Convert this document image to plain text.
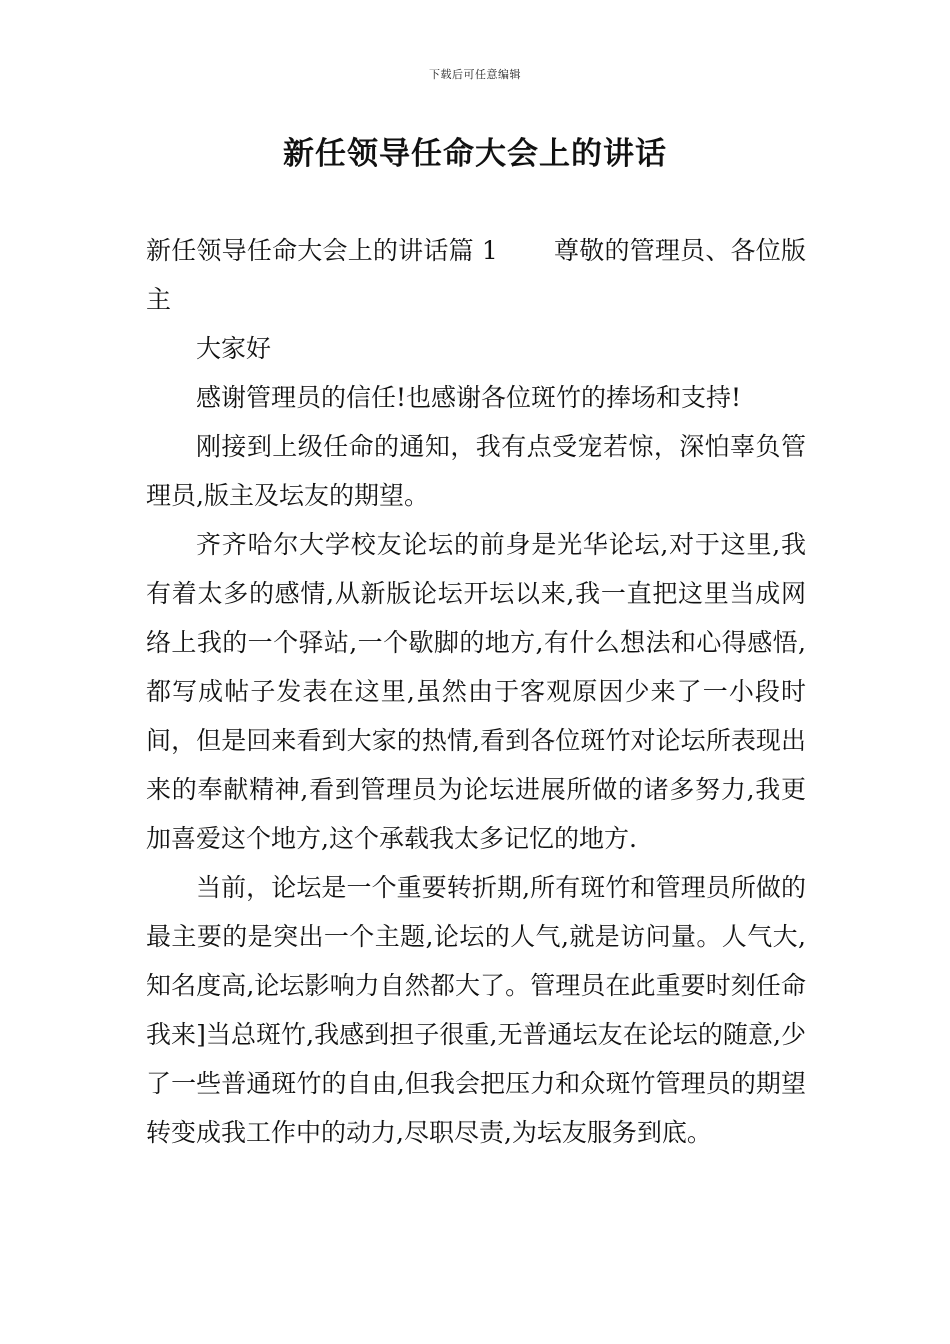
下载后可任意编辑
新任领导任命大会上的讲话

新任领导任命大会上的讲话篇 1 尊敬的管理员、各位版主

大家好

感谢管理员的信任!也感谢各位斑竹的捧场和支持!

刚接到上级任命的通知，我有点受宠若惊，深怕辜负管理员,版主及坛友的期望。

齐齐哈尔大学校友论坛的前身是光华论坛,对于这里,我有着太多的感情,从新版论坛开坛以来,我一直把这里当成网络上我的一个驿站,一个歇脚的地方,有什么想法和心得感悟,都写成帖子发表在这里,虽然由于客观原因少来了一小段时间，但是回来看到大家的热情,看到各位斑竹对论坛所表现出来的奉献精神,看到管理员为论坛进展所做的诸多努力,我更加喜爱这个地方,这个承载我太多记忆的地方.

当前，论坛是一个重要转折期,所有斑竹和管理员所做的最主要的是突出一个主题,论坛的人气,就是访问量。人气大,知名度高,论坛影响力自然都大了。管理员在此重要时刻任命我来]当总斑竹,我感到担子很重,无普通坛友在论坛的随意,少了一些普通斑竹的自由,但我会把压力和众斑竹管理员的期望转变成我工作中的动力,尽职尽责,为坛友服务到底。
